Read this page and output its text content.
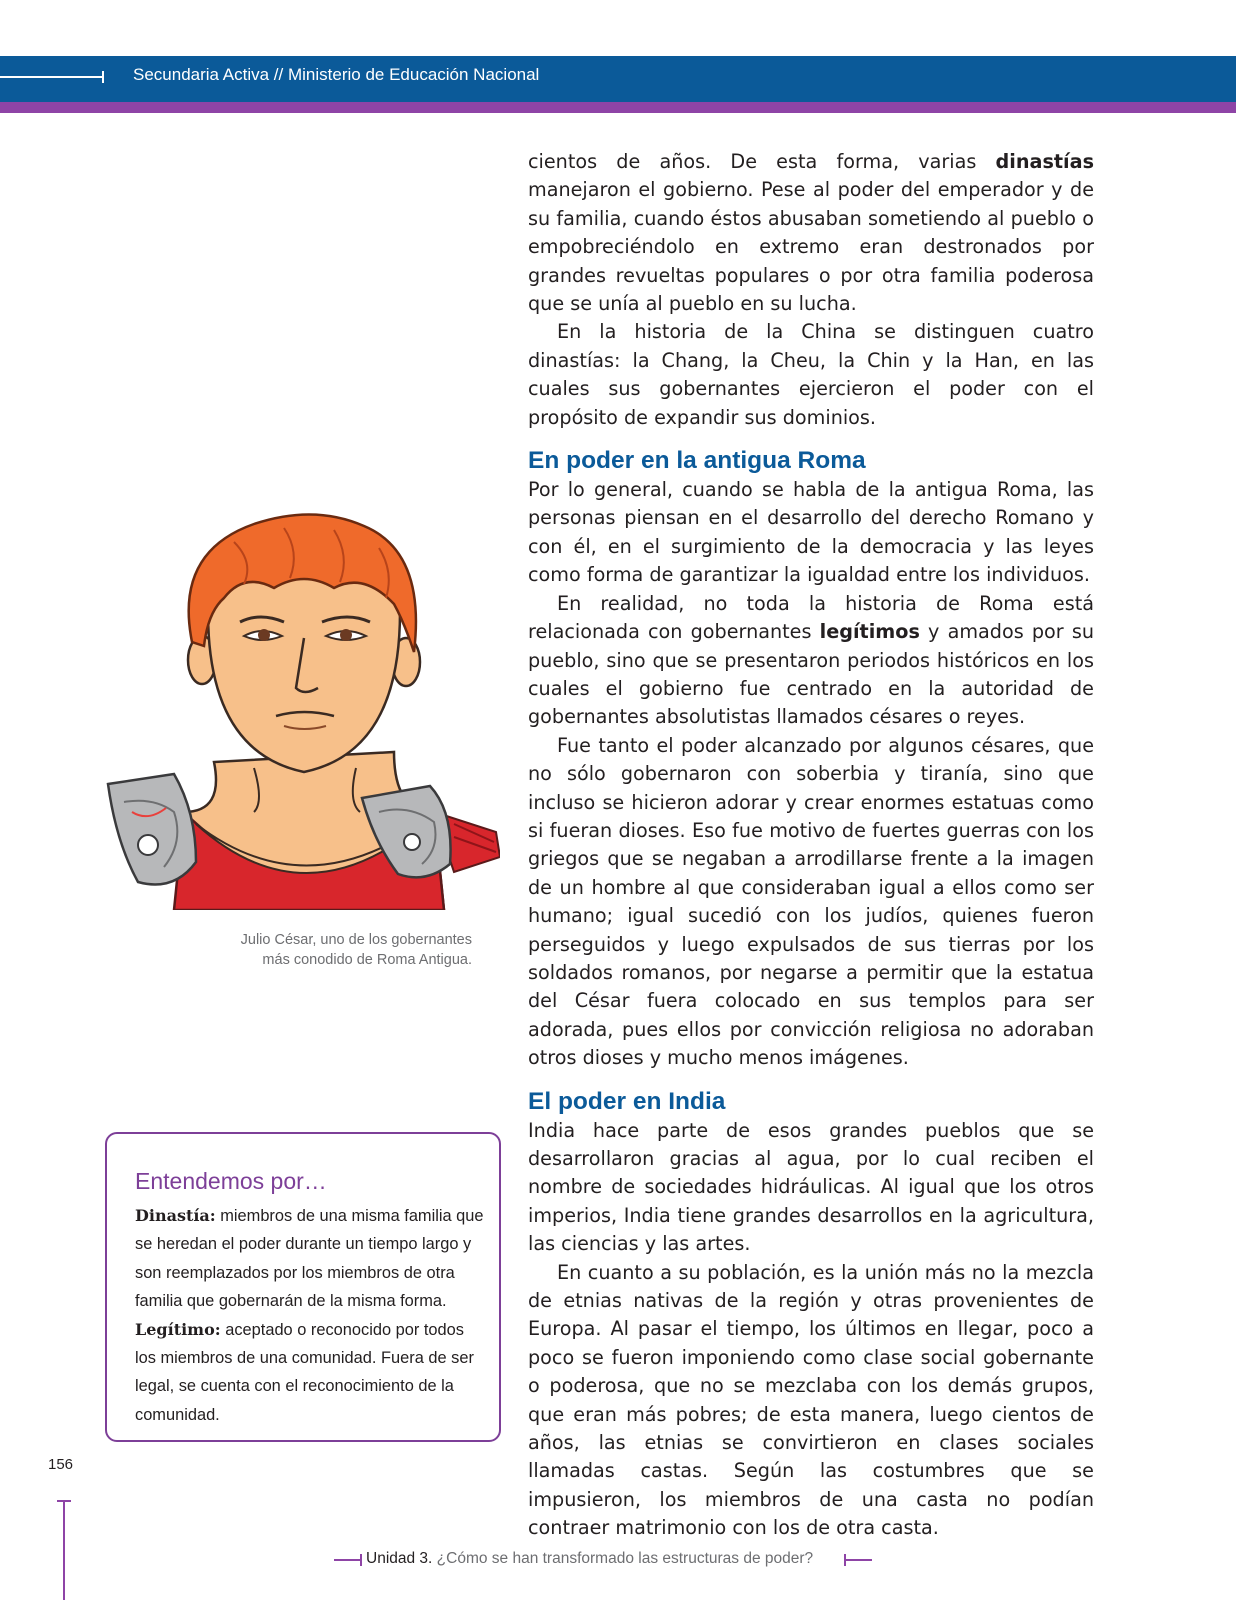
Secundaria Activa // Ministerio de Educación Nacional

cientos de años. De esta forma, varias dinastías manejaron el gobierno. Pese al poder del emperador y de su familia, cuando éstos abusaban sometiendo al pueblo o empobreciéndolo en extremo eran destronados por grandes revueltas populares o por otra familia poderosa que se unía al pueblo en su lucha.

En la historia de la China se distinguen cuatro dinastías: la Chang, la Cheu, la Chin y la Han, en las cuales sus gobernantes ejercieron el poder con el propósito de expandir sus dominios.

En poder en la antigua Roma

Por lo general, cuando se habla de la antigua Roma, las personas piensan en el desarrollo del derecho Romano y con él, en el surgimiento de la democracia y las leyes como forma de garantizar la igualdad entre los individuos.

En realidad, no toda la historia de Roma está relacionada con gobernantes legítimos y amados por su pueblo, sino que se presentaron periodos históricos en los cuales el gobierno fue centrado en la autoridad de gobernantes absolutistas llamados césares o reyes.

Fue tanto el poder alcanzado por algunos césares, que no sólo gobernaron con soberbia y tiranía, sino que incluso se hicieron adorar y crear enormes estatuas como si fueran dioses. Eso fue motivo de fuertes guerras con los griegos que se negaban a arrodillarse frente a la imagen de un hombre al que consideraban igual a ellos como ser humano; igual sucedió con los judíos, quienes fueron perseguidos y luego expulsados de sus tierras por los soldados romanos, por negarse a permitir que la estatua del César fuera colocado en sus templos para ser adorada, pues ellos por convicción religiosa no adoraban otros dioses y mucho menos imágenes.

El poder en India

India hace parte de esos grandes pueblos que se desarrollaron gracias al agua, por lo cual reciben el nombre de sociedades hidráulicas. Al igual que los otros imperios, India tiene grandes desarrollos en la agricultura, las ciencias y las artes.

En cuanto a su población, es la unión más no la mezcla de etnias nativas de la región y otras provenientes de Europa. Al pasar el tiempo, los últimos en llegar, poco a poco se fueron imponiendo como clase social gobernante o poderosa, que no se mezclaba con los demás grupos, que eran más pobres; de esta manera, luego cientos de años, las etnias se convirtieron en clases sociales llamadas castas. Según las costumbres que se impusieron, los miembros de una casta no podían contraer matrimonio con los de otra casta.

Julio César, uno de los gobernantes
más conodido de Roma Antigua.
Entendemos por…
Dinastía: miembros de una misma familia que se heredan el poder durante un tiempo largo y son reemplazados por los miembros de otra familia que gobernarán de la misma forma. Legítimo: aceptado o reconocido por todos los miembros de una comunidad. Fuera de ser legal, se cuenta con el reconocimiento de la comunidad.
156
Unidad 3. ¿Cómo se han transformado las estructuras de poder?
